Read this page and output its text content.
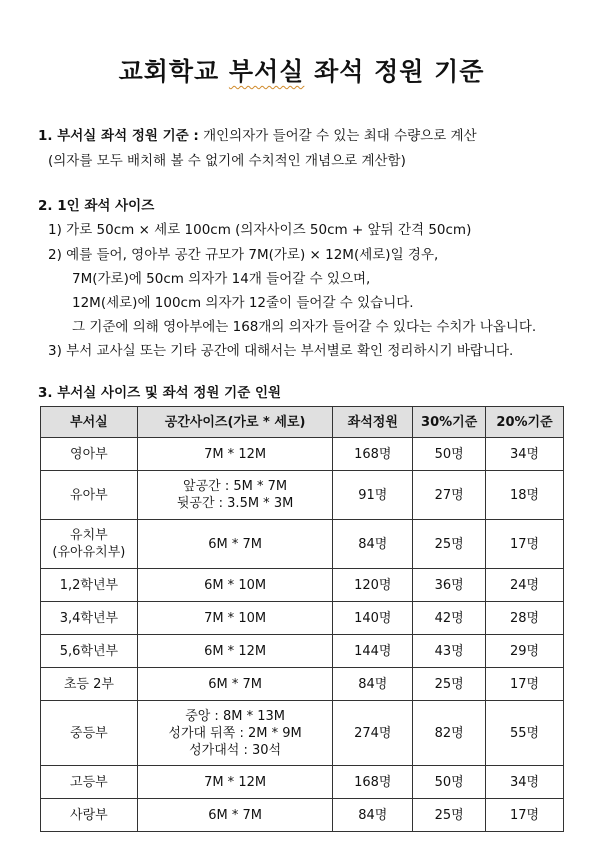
교회학교 부서실 좌석 정원 기준
1. 부서실 좌석 정원 기준 : 개인의자가 들어갈 수 있는 최대 수량으로 계산
(의자를 모두 배치해 볼 수 없기에 수치적인 개념으로 계산함)
2. 1인 좌석 사이즈
1) 가로 50cm × 세로 100cm (의자사이즈 50cm + 앞뒤 간격 50cm)
2) 예를 들어, 영아부 공간 규모가 7M(가로) × 12M(세로)일 경우,
7M(가로)에 50cm 의자가 14개 들어갈 수 있으며,
12M(세로)에 100cm 의자가 12줄이 들어갈 수 있습니다.
그 기준에 의해 영아부에는 168개의 의자가 들어갈 수 있다는 수치가 나옵니다.
3) 부서 교사실 또는 기타 공간에 대해서는 부서별로 확인 정리하시기 바랍니다.
3. 부서실 사이즈 및 좌석 정원 기준 인원
부서실	공간사이즈(가로 * 세로)	좌석정원	30%기준	20%기준
영아부	7M * 12M	168명	50명	34명
유아부	앞공간 : 5M * 7M
뒷공간 : 3.5M * 3M	91명	27명	18명

유치부
(유아유치부)	6M * 7M	84명	25명	17명
1,2학년부	6M * 10M	120명	36명	24명
3,4학년부	7M * 10M	140명	42명	28명
5,6학년부	6M * 12M	144명	43명	29명
초등 2부	6M * 7M	84명	25명	17명
중등부	중앙 : 8M * 13M
성가대 뒤쪽 : 2M * 9M
성가대석 : 30석	274명	82명	55명
고등부	7M * 12M	168명	50명	34명
사랑부	6M * 7M	84명	25명	17명
